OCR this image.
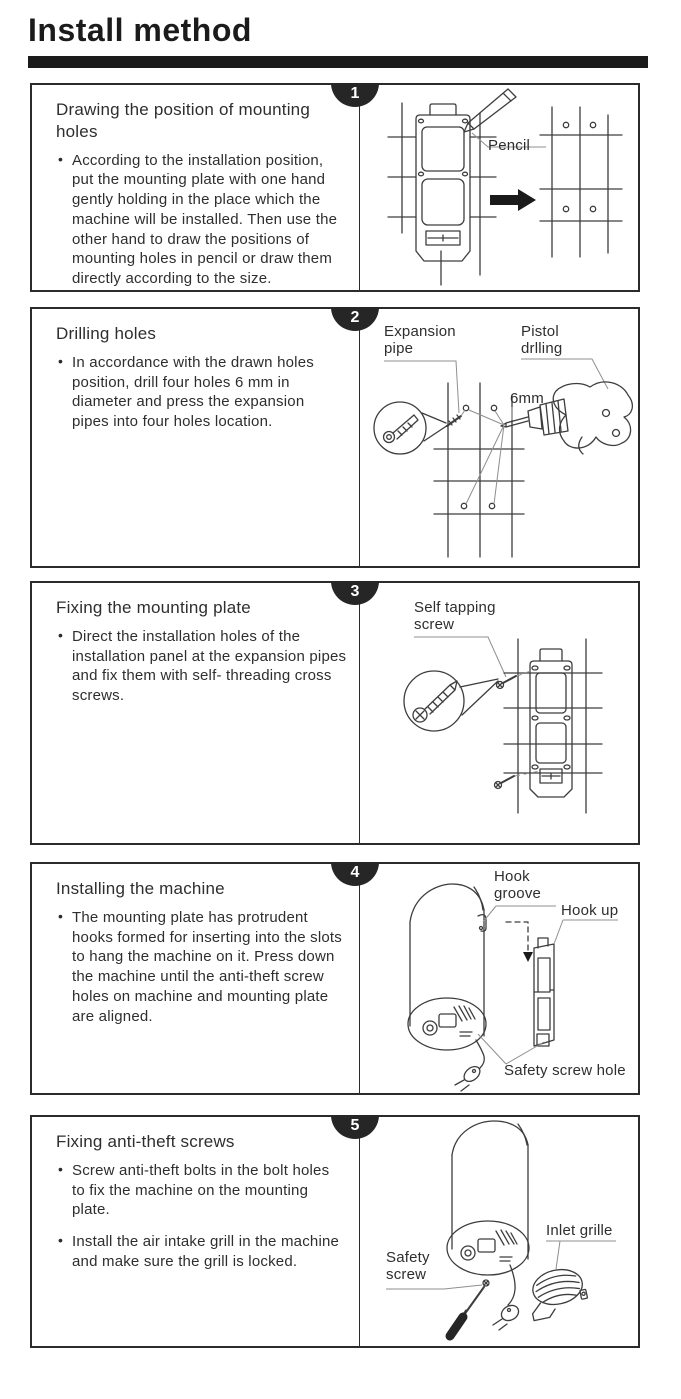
Install method
1
Drawing the position of mounting holes
• According to the installation position, put the mounting plate with one hand gently holding in the place which the machine will be installed. Then use the other hand to draw the positions of mounting holes in pencil or draw them directly according to the size.
Pencil
2
Drilling holes
• In accordance with the drawn holes position, drill four holes 6 mm in diameter and press the expansion pipes into four holes location.
Expansion pipe
Pistol drlling
6mm
3
Fixing the mounting plate
• Direct the installation holes of the installation panel at the expansion pipes and fix them with self- threading cross screws.
Self tapping screw
4
Installing the machine
• The mounting plate has protrudent hooks formed for inserting into the slots to hang the machine on it. Press down the machine until the anti-theft screw holes on machine and mounting plate are aligned.
Hook groove
Hook up
Safety screw hole
5
Fixing anti-theft screws
• Screw anti-theft bolts in the bolt holes to fix the machine on the mounting plate.
• Install the air intake grill in the machine and make sure the grill is locked.	Safety screw
Inlet grille
